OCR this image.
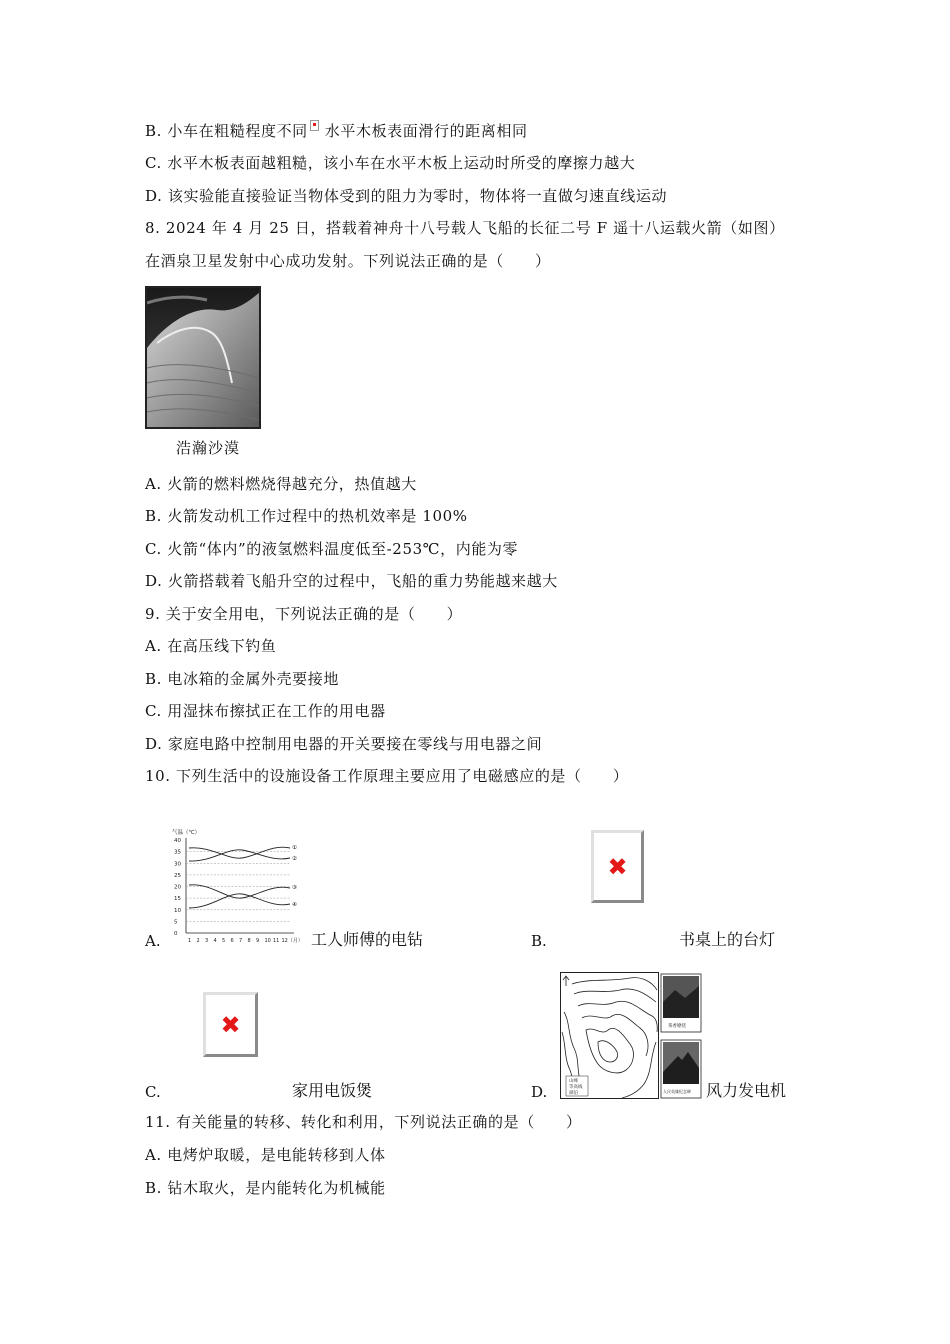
B. 小车在粗糙程度不同 水平木板表面滑行的距离相同
C. 水平木板表面越粗糙，该小车在水平木板上运动时所受的摩擦力越大
D. 该实验能直接验证当物体受到的阻力为零时，物体将一直做匀速直线运动
8. 2024 年 4 月 25 日，搭载着神舟十八号载人飞船的长征二号 F 遥十八运载火箭（如图）
在酒泉卫星发射中心成功发射。下列说法正确的是（　　）
浩瀚沙漠
A. 火箭的燃料燃烧得越充分，热值越大
B. 火箭发动机工作过程中的热机效率是 100%
C. 火箭“体内”的液氢燃料温度低至-253℃，内能为零
D. 火箭搭载着飞船升空的过程中，飞船的重力势能越来越大
9. 关于安全用电，下列说法正确的是（　　）
A. 在高压线下钓鱼
B. 电冰箱的金属外壳要接地
C. 用湿抹布擦拭正在工作的用电器
D. 家庭电路中控制用电器的开关要接在零线与用电器之间
10. 下列生活中的设施设备工作原理主要应用了电磁感应的是（　　）
气温（℃）
40
35
30
25
20
15
10
5
0
1 2 3 4 5 6 7 8 9 10 11 12（月）
①
②
③
④
A.	工人师傅的电钻
✖
B.	书桌上的台灯
✖
C.	家用电饭煲	山峰
等高线
湖泊
茶香缭绕
人民英雄纪念碑
D.	风力发电机
11. 有关能量的转移、转化和利用，下列说法正确的是（　　）
A. 电烤炉取暖，是电能转移到人体
B. 钻木取火，是内能转化为机械能
